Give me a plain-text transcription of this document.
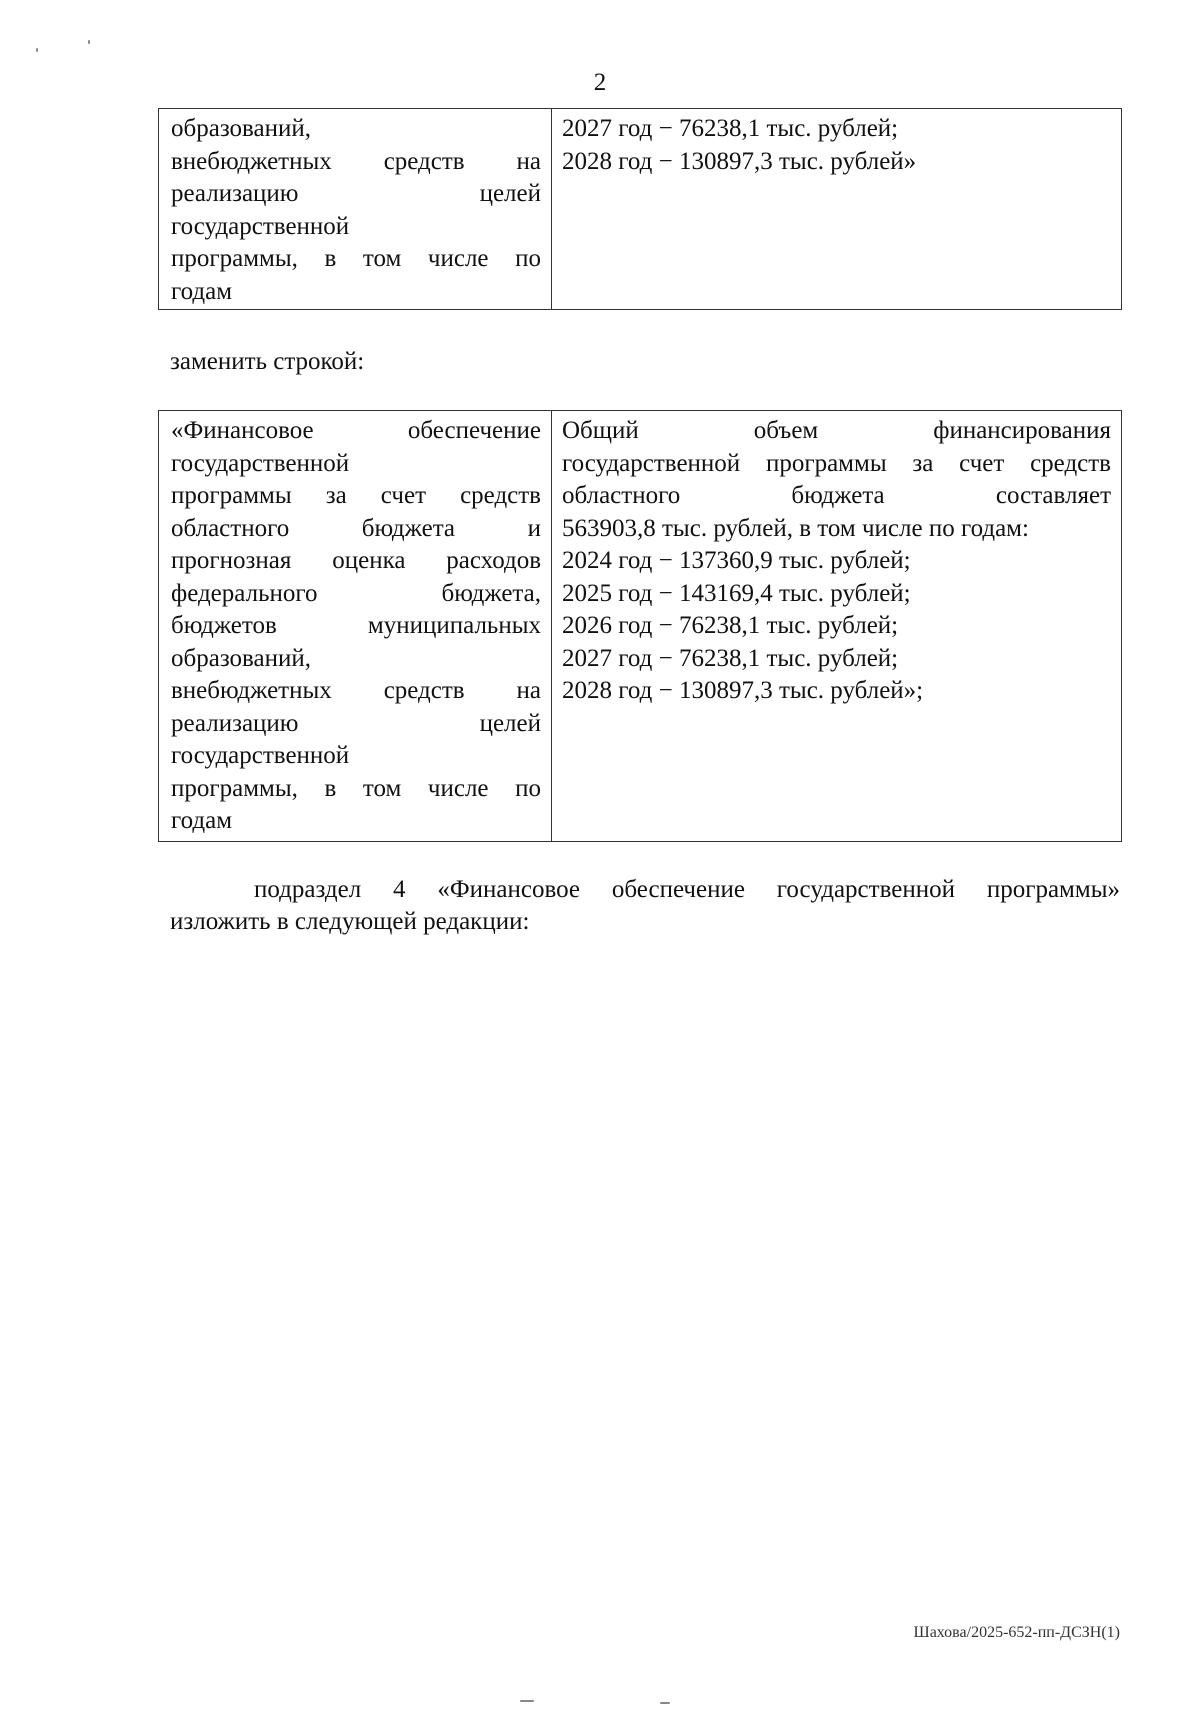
2
образований,
внебюджетных средств на
реализацию целей
государственной
программы, в том числе по
годам

2027 год − 76238,1 тыс. рублей;
2028 год − 130897,3 тыс. рублей»
заменить строкой:
«Финансовое обеспечение
государственной
программы за счет средств
областного бюджета и
прогнозная оценка расходов
федерального бюджета,
бюджетов муниципальных
образований,
внебюджетных средств на
реализацию целей
государственной
программы, в том числе по
годам

Общий объем финансирования
государственной программы за счет средств
областного бюджета составляет
563903,8 тыс. рублей, в том числе по годам:
2024 год − 137360,9 тыс. рублей;
2025 год − 143169,4 тыс. рублей;
2026 год − 76238,1 тыс. рублей;
2027 год − 76238,1 тыс. рублей;
2028 год − 130897,3 тыс. рублей»;
подраздел 4 «Финансовое обеспечение государственной программы»
изложить в следующей редакции:
Шахова/2025-652-пп-ДСЗН(1)
